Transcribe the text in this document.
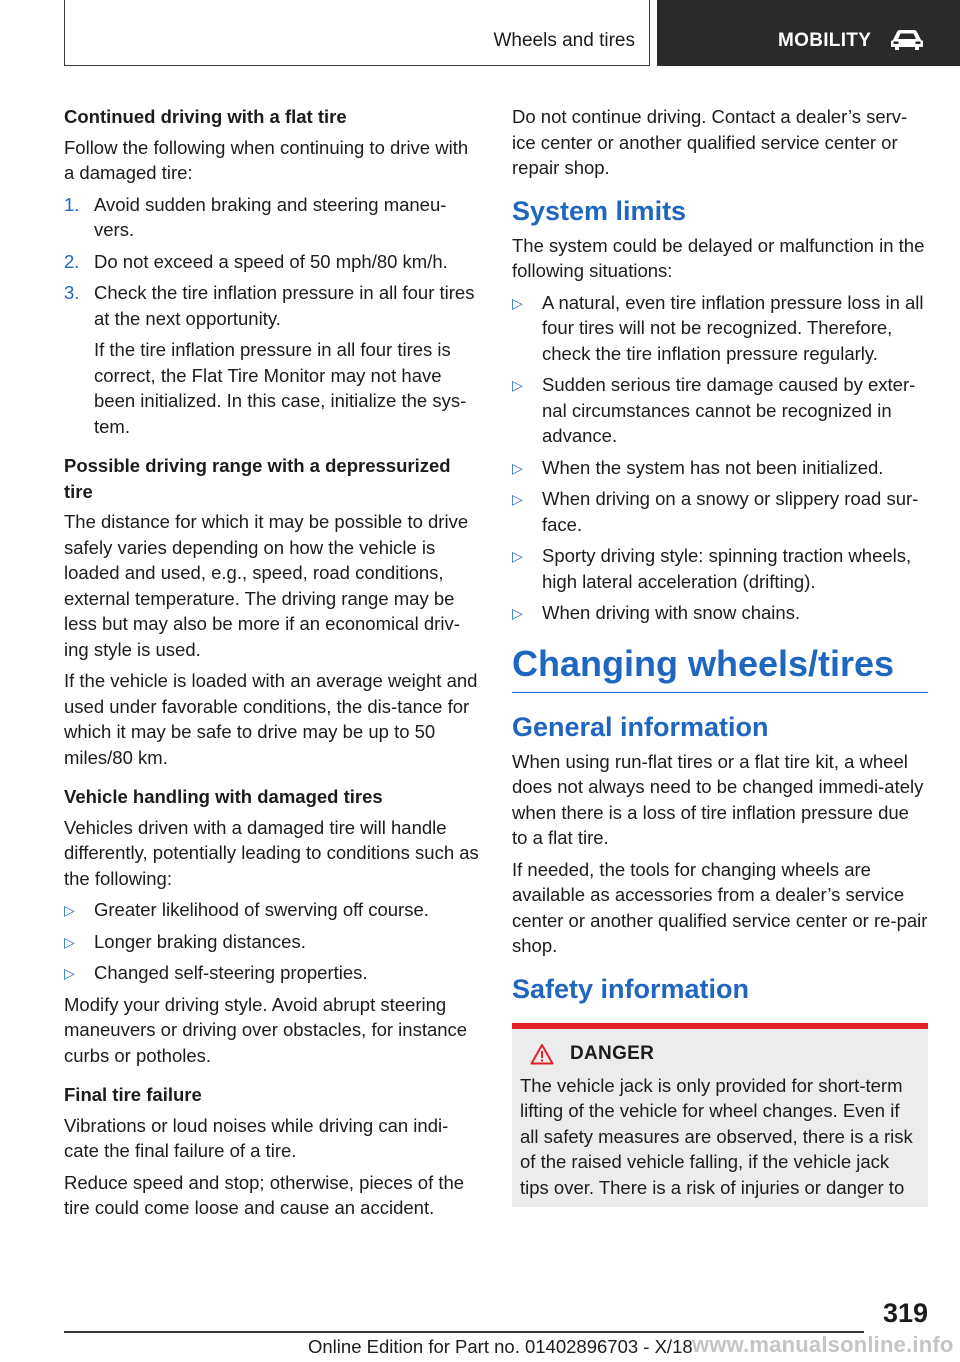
Wheels and tires	MOBILITY

Continued driving with a flat tire

Follow the following when continuing to drive with a damaged tire:

1. Avoid sudden braking and steering maneu-vers.
2. Do not exceed a speed of 50 mph/80 km/h.
3. Check the tire inflation pressure in all four tires at the next opportunity.
If the tire inflation pressure in all four tires is correct, the Flat Tire Monitor may not have been initialized. In this case, initialize the sys-tem.

Possible driving range with a depressurized tire

The distance for which it may be possible to drive safely varies depending on how the vehicle is loaded and used, e.g., speed, road conditions, external temperature. The driving range may be less but may also be more if an economical driv-ing style is used.

If the vehicle is loaded with an average weight and used under favorable conditions, the dis-tance for which it may be safe to drive may be up to 50 miles/80 km.

Vehicle handling with damaged tires

Vehicles driven with a damaged tire will handle differently, potentially leading to conditions such as the following:

▷ Greater likelihood of swerving off course.
▷ Longer braking distances.
▷ Changed self-steering properties.

Modify your driving style. Avoid abrupt steering maneuvers or driving over obstacles, for instance curbs or potholes.

Final tire failure

Vibrations or loud noises while driving can indi-cate the final failure of a tire.

Reduce speed and stop; otherwise, pieces of the tire could come loose and cause an accident.

Do not continue driving. Contact a dealer’s serv-ice center or another qualified service center or repair shop.

System limits

The system could be delayed or malfunction in the following situations:

▷ A natural, even tire inflation pressure loss in all four tires will not be recognized. Therefore, check the tire inflation pressure regularly.
▷ Sudden serious tire damage caused by exter-nal circumstances cannot be recognized in advance.
▷ When the system has not been initialized.
▷ When driving on a snowy or slippery road sur-face.
▷ Sporty driving style: spinning traction wheels, high lateral acceleration (drifting).
▷ When driving with snow chains.
Changing wheels/tires
General information

When using run-flat tires or a flat tire kit, a wheel does not always need to be changed immedi-ately when there is a loss of tire inflation pressure due to a flat tire.

If needed, the tools for changing wheels are available as accessories from a dealer’s service center or another qualified service center or re-pair shop.

Safety information
DANGER

The vehicle jack is only provided for short-term lifting of the vehicle for wheel changes. Even if all safety measures are observed, there is a risk of the raised vehicle falling, if the vehicle jack tips over. There is a risk of injuries or danger to

319
Online Edition for Part no. 01402896703 - X/18 www.manualsonline.info
